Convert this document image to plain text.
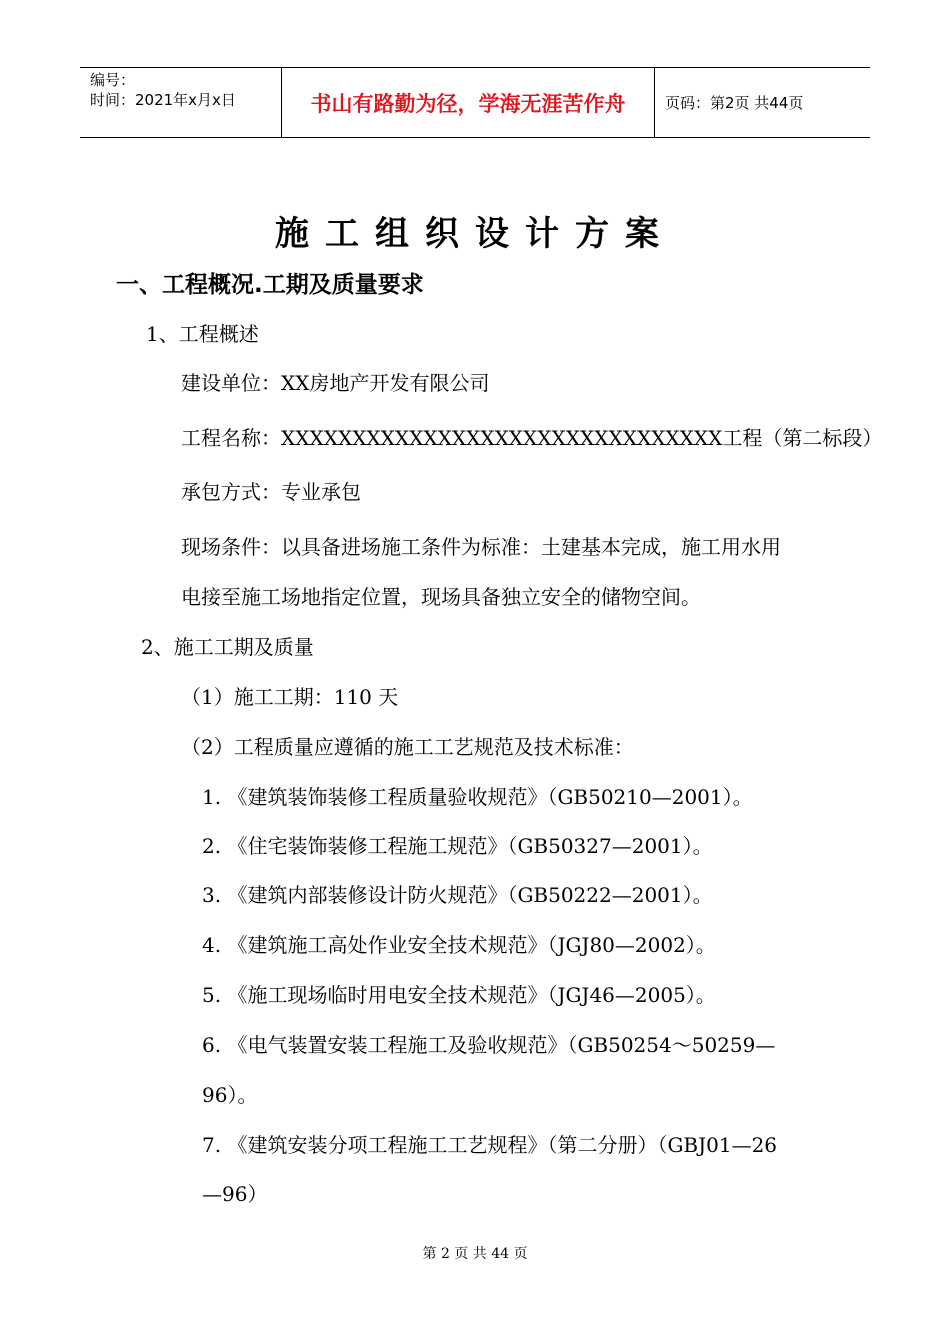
编号：
时间：2021年x月x日	书山有路勤为径，学海无涯苦作舟	页码：第2页 共44页
施工组织设计方案
一、工程概况.工期及质量要求
1、工程概述
建设单位：XX房地产开发有限公司
工程名称：XXXXXXXXXXXXXXXXXXXXXXXXXXXXXXX工程（第二标段）
承包方式：专业承包
现场条件：以具备进场施工条件为标准：土建基本完成，施工用水用
电接至施工场地指定位置，现场具备独立安全的储物空间。
2、施工工期及质量
（1）施工工期：110 天
（2）工程质量应遵循的施工工艺规范及技术标准：
1. 《建筑装饰装修工程质量验收规范》（GB50210—2001）。
2. 《住宅装饰装修工程施工规范》（GB50327—2001）。
3. 《建筑内部装修设计防火规范》（GB50222—2001）。
4. 《建筑施工高处作业安全技术规范》（JGJ80—2002）。
5. 《施工现场临时用电安全技术规范》（JGJ46—2005）。
6. 《电气装置安装工程施工及验收规范》（GB50254～50259—
96）。
7. 《建筑安装分项工程施工工艺规程》（第二分册）（GBJ01—26
—96）
第 2 页 共 44 页
